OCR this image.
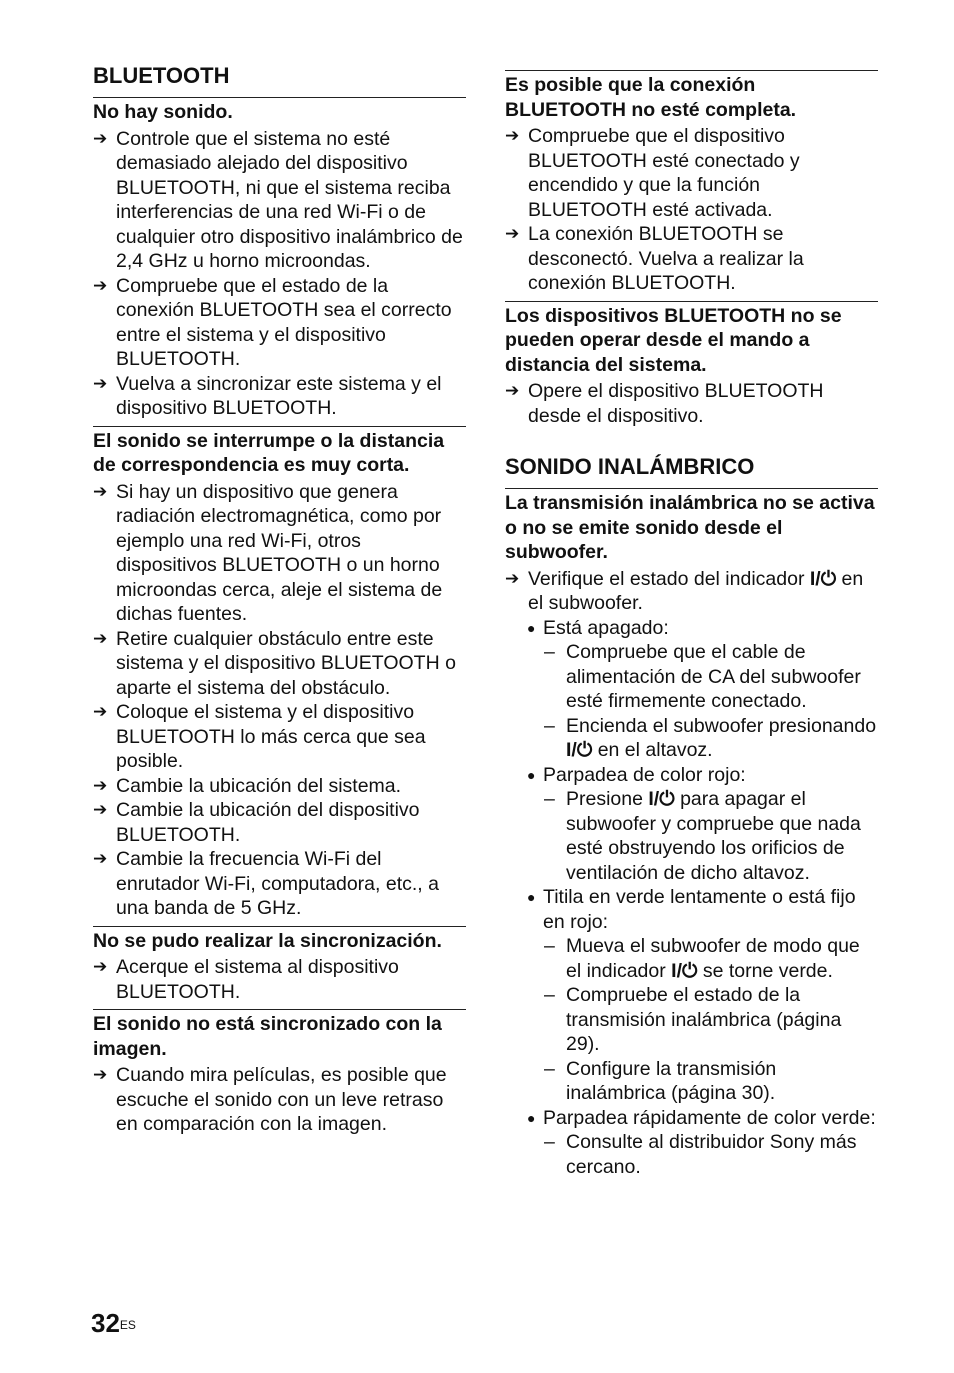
BLUETOOTH
No hay sonido.
➔ Controle que el sistema no esté demasiado alejado del dispositivo BLUETOOTH, ni que el sistema reciba interferencias de una red Wi-Fi o de cualquier otro dispositivo inalámbrico de 2,4 GHz u horno microondas.
➔ Compruebe que el estado de la conexión BLUETOOTH sea el correcto entre el sistema y el dispositivo BLUETOOTH.
➔ Vuelva a sincronizar este sistema y el dispositivo BLUETOOTH.
El sonido se interrumpe o la distancia de correspondencia es muy corta.
➔ Si hay un dispositivo que genera radiación electromagnética, como por ejemplo una red Wi-Fi, otros dispositivos BLUETOOTH o un horno microondas cerca, aleje el sistema de dichas fuentes.
➔ Retire cualquier obstáculo entre este sistema y el dispositivo BLUETOOTH o aparte el sistema del obstáculo.
➔ Coloque el sistema y el dispositivo BLUETOOTH lo más cerca que sea posible.
➔ Cambie la ubicación del sistema.
➔ Cambie la ubicación del dispositivo BLUETOOTH.
➔ Cambie la frecuencia Wi-Fi del enrutador Wi-Fi, computadora, etc., a una banda de 5 GHz.
No se pudo realizar la sincronización.
➔ Acerque el sistema al dispositivo BLUETOOTH.
El sonido no está sincronizado con la imagen.
➔ Cuando mira películas, es posible que escuche el sonido con un leve retraso en comparación con la imagen.
Es posible que la conexión BLUETOOTH no esté completa.
➔ Compruebe que el dispositivo BLUETOOTH esté conectado y encendido y que la función BLUETOOTH esté activada.
➔ La conexión BLUETOOTH se desconectó. Vuelva a realizar la conexión BLUETOOTH.
Los dispositivos BLUETOOTH no se pueden operar desde el mando a distancia del sistema.
➔ Opere el dispositivo BLUETOOTH desde el dispositivo.
SONIDO INALÁMBRICO
La transmisión inalámbrica no se activa o no se emite sonido desde el subwoofer.
➔ Verifique el estado del indicador I/⏻ en el subwoofer.
● Está apagado:
– Compruebe que el cable de alimentación de CA del subwoofer esté firmemente conectado.
– Encienda el subwoofer presionando I/⏻ en el altavoz.
● Parpadea de color rojo:
– Presione I/⏻ para apagar el subwoofer y compruebe que nada esté obstruyendo los orificios de ventilación de dicho altavoz.
● Titila en verde lentamente o está fijo en rojo:
– Mueva el subwoofer de modo que el indicador I/⏻ se torne verde.
– Compruebe el estado de la transmisión inalámbrica (página 29).
– Configure la transmisión inalámbrica (página 30).
● Parpadea rápidamente de color verde:
– Consulte al distribuidor Sony más cercano.
$32^{ES}$
